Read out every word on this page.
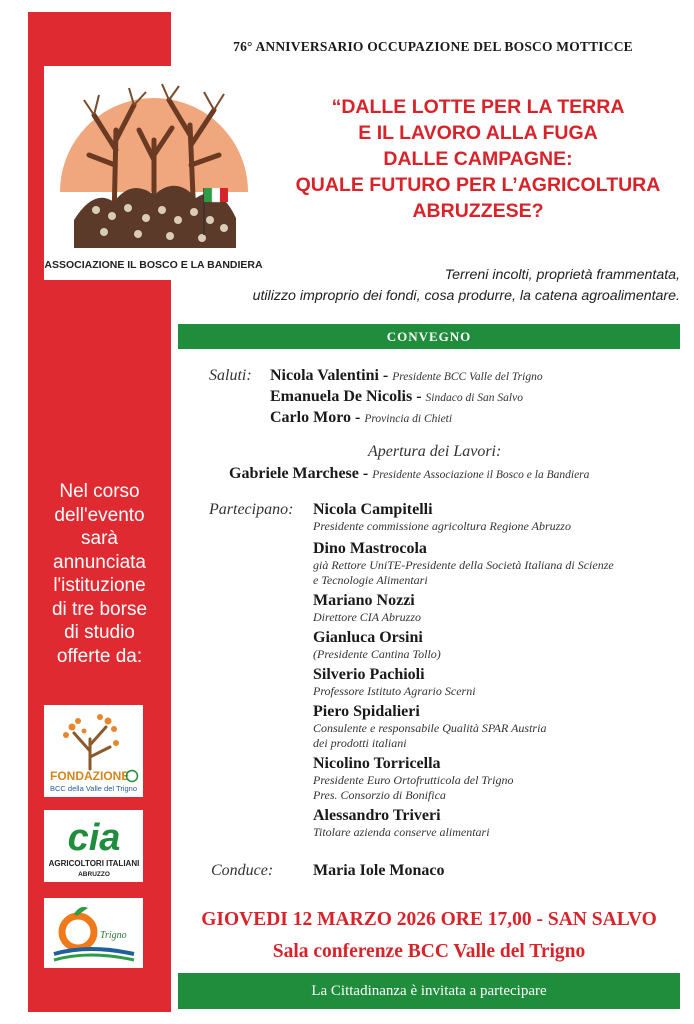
ASSOCIAZIONE IL BOSCO E LA BANDIERA
76° ANNIVERSARIO OCCUPAZIONE DEL BOSCO MOTTICCE
“DALLE LOTTE PER LA TERRA
E IL LAVORO ALLA FUGA
DALLE CAMPAGNE:
QUALE FUTURO PER L’AGRICOLTURA
ABRUZZESE?
Terreni incolti, proprietà frammentata,
utilizzo improprio dei fondi, cosa produrre, la catena agroalimentare.
CONVEGNO
Saluti: Nicola Valentini - Presidente BCC Valle del Trigno
Emanuela De Nicolis - Sindaco di San Salvo
Carlo Moro - Provincia di Chieti
Apertura dei Lavori:
Gabriele Marchese - Presidente Associazione il Bosco e la Bandiera
Partecipano: Nicola Campitelli
Presidente commissione agricoltura Regione Abruzzo
Dino Mastrocola
già Rettore UniTE-Presidente della Società Italiana di Scienze
e Tecnologie Alimentari
Mariano Nozzi
Direttore CIA Abruzzo
Gianluca Orsini
(Presidente Cantina Tollo)
Silverio Pachioli
Professore Istituto Agrario Scerni
Piero Spidalieri
Consulente e responsabile Qualità SPAR Austria
dei prodotti italiani
Nicolino Torricella
Presidente Euro Ortofrutticola del Trigno
Pres. Consorzio di Bonifica
Alessandro Triveri
Titolare azienda conserve alimentari
Conduce: Maria Iole Monaco
Nel corso
dell'evento
sarà
annunciata
l'istituzione
di tre borse
di studio
offerte da:
FONDAZIONE
BCC della Valle del Trigno
cia
AGRICOLTORI ITALIANI
ABRUZZO
Trigno
GIOVEDI 12 MARZO 2026 ORE 17,00 - SAN SALVO
Sala conferenze BCC Valle del Trigno
La Cittadinanza è invitata a partecipare
